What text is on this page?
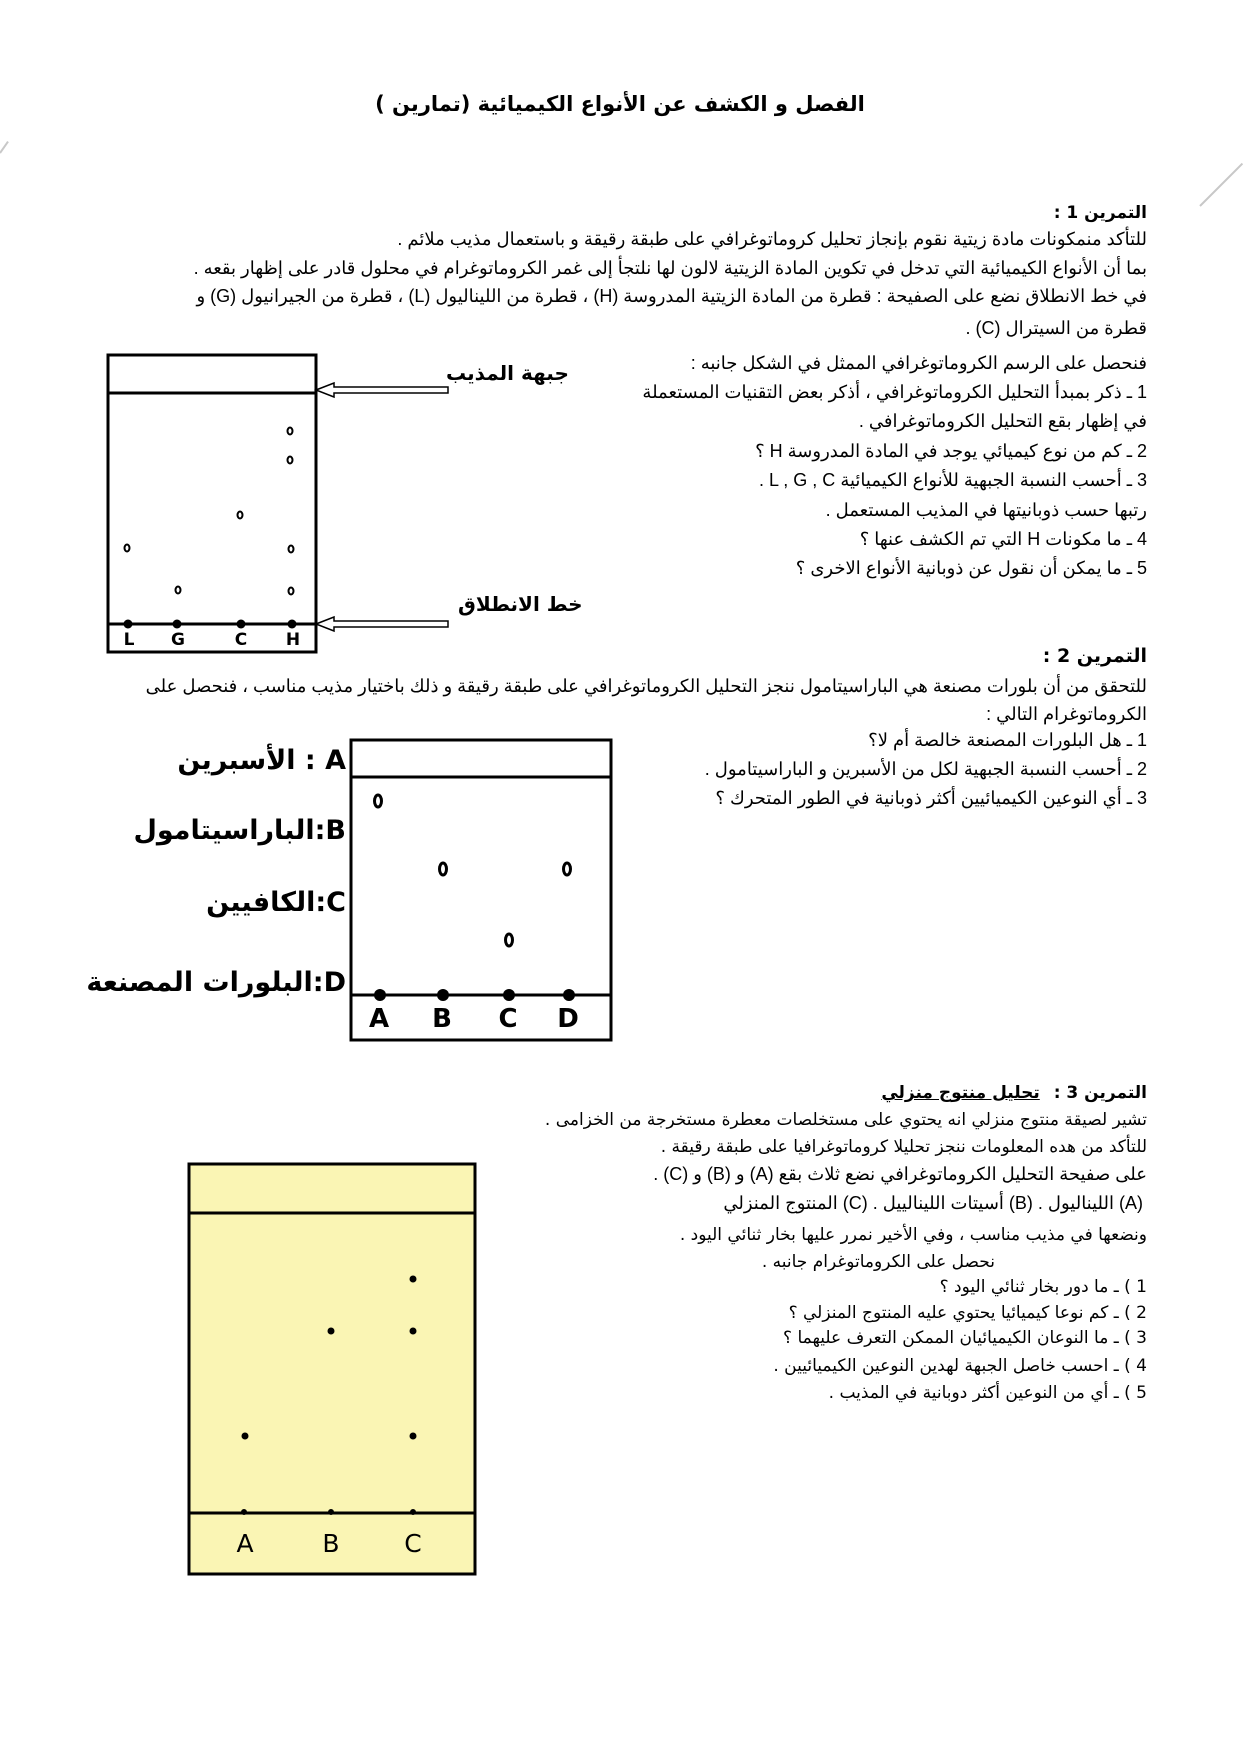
الفصل و الكشف عن الأنواع الكيميائية (تمارين )
التمرين 1 :
للتأكد منمكونات مادة زيتية نقوم بإنجاز تحليل كروماتوغرافي على طبقة رقيقة و باستعمال مذيب ملائم .
بما أن الأنواع الكيميائية التي تدخل في تكوين المادة الزيتية لالون لها نلتجأ إلى غمر الكروماتوغرام في محلول قادر على إظهار بقعه .
في خط الانطلاق نضع على الصفيحة : قطرة من المادة الزيتية المدروسة (H) ، قطرة من الليناليول (L) ، قطرة من الجيرانيول (G) و
قطرة من السيترال (C) .
فنحصل على الرسم الكروماتوغرافي الممثل في الشكل جانبه :
1 ـ ذكر بمبدأ التحليل الكروماتوغرافي ، أذكر بعض التقنيات المستعملة
في إظهار بقع التحليل الكروماتوغرافي .
2 ـ كم من نوع كيميائي يوجد في المادة المدروسة H ؟
3 ـ أحسب النسبة الجبهية للأنواع الكيميائية L , G , C .
رتبها حسب ذوبانيتها في المذيب المستعمل .
4 ـ ما مكونات H التي تم الكشف عنها ؟
5 ـ ما يمكن أن نقول عن ذوبانية الأنواع الاخرى ؟
جبهة المذيب
خط الانطلاق
L G	C H
التمرين 2 :
للتحقق من أن بلورات مصنعة هي الباراسيتامول ننجز التحليل الكروماتوغرافي على طبقة رقيقة و ذلك باختيار مذيب مناسب ، فنحصل على الكروماتوغرام التالي :
1 ـ هل البلورات المصنعة خالصة أم لا؟
2 ـ أحسب النسبة الجبهية لكل من الأسبرين و الباراسيتامول .
3 ـ أي النوعين الكيميائيين أكثر ذوبانية في الطور المتحرك ؟
A : الأسبرين
B:الباراسيتامول
C:الكافيين
D:البلورات المصنعة
A B C D
التمرين 3 : تحليل منتوج منزلي
تشير لصيقة منتوج منزلي انه يحتوي على مستخلصات معطرة مستخرجة من الخزامى .
للتأكد من هده المعلومات ننجز تحليلا كروماتوغرافيا على طبقة رقيقة .
على صفيحة التحليل الكروماتوغرافي نضع ثلاث بقع (A) و (B) و (C) .
(A) الليناليول . (B) أسيتات اللينالييل . (C) المنتوج المنزلي
ونضعها في مذيب مناسب ، وفي الأخير نمرر عليها بخار ثنائي اليود .
نحصل على الكروماتوغرام جانبه .
1 ) ـ ما دور بخار ثنائي اليود ؟
2 ) ـ كم نوعا كيميائيا يحتوي عليه المنتوج المنزلي ؟
3 ) ـ ما النوعان الكيميائيان الممكن التعرف عليهما ؟
4 ) ـ احسب خاصل الجبهة لهدين النوعين الكيميائيين .
5 ) ـ أي من النوعين أكثر دوبانية في المذيب .
A	B	C
